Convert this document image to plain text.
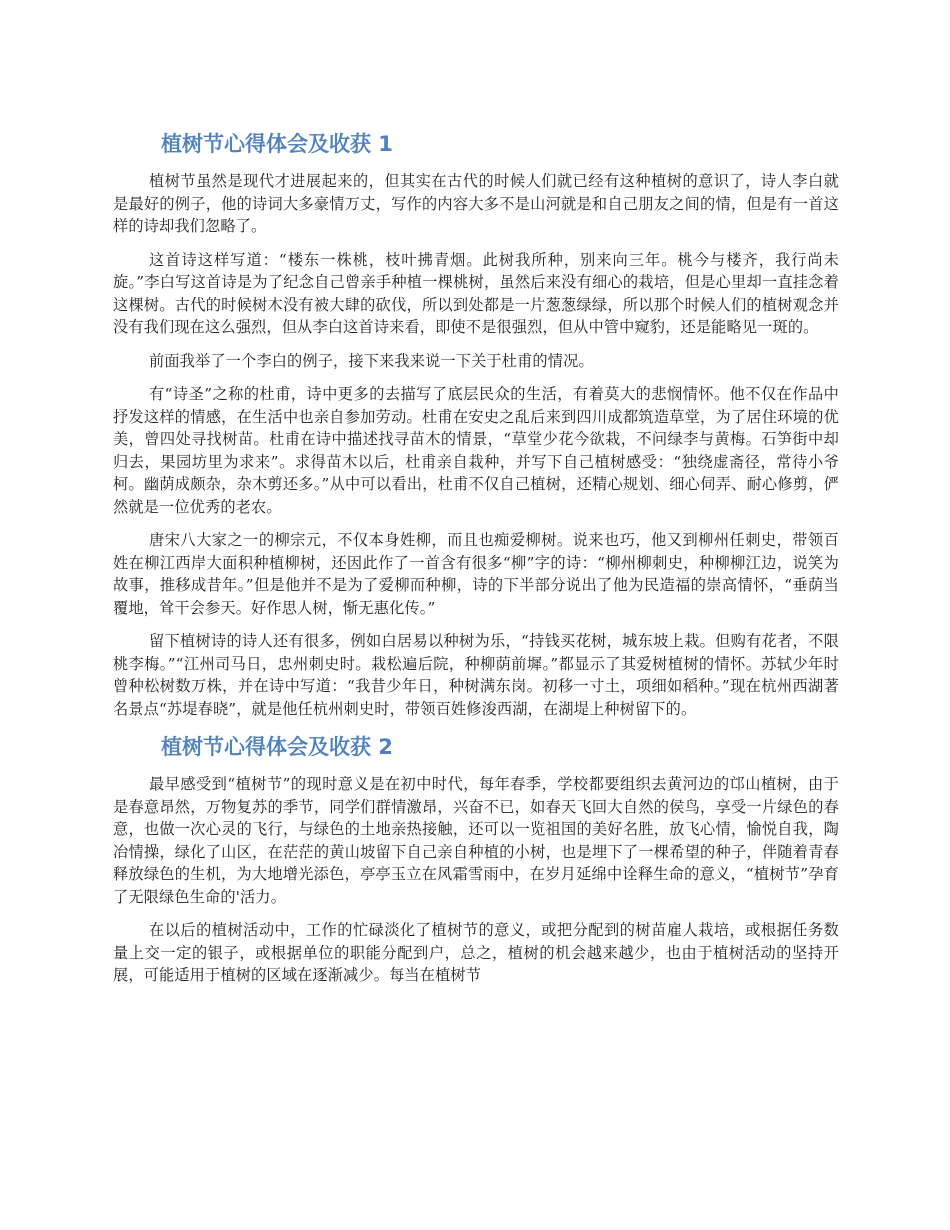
植树节心得体会及收获 1

植树节虽然是现代才进展起来的，但其实在古代的时候人们就已经有这种植树的意识了，诗人李白就是最好的例子，他的诗词大多豪情万丈，写作的内容大多不是山河就是和自己朋友之间的情，但是有一首这样的诗却我们忽略了。

这首诗这样写道：“楼东一株桃，枝叶拂青烟。此树我所种，别来向三年。桃今与楼齐，我行尚未旋。”李白写这首诗是为了纪念自己曾亲手种植一棵桃树，虽然后来没有细心的栽培，但是心里却一直挂念着这棵树。古代的时候树木没有被大肆的砍伐，所以到处都是一片葱葱绿绿，所以那个时候人们的植树观念并没有我们现在这么强烈，但从李白这首诗来看，即使不是很强烈，但从中管中窥豹，还是能略见一斑的。

前面我举了一个李白的例子，接下来我来说一下关于杜甫的情况。

有“诗圣”之称的杜甫，诗中更多的去描写了底层民众的生活，有着莫大的悲悯情怀。他不仅在作品中抒发这样的情感，在生活中也亲自参加劳动。杜甫在安史之乱后来到四川成都筑造草堂，为了居住环境的优美，曾四处寻找树苗。杜甫在诗中描述找寻苗木的情景，“草堂少花今欲栽，不问绿李与黄梅。石笋街中却归去，果园坊里为求来”。求得苗木以后，杜甫亲自栽种，并写下自己植树感受：“独绕虚斋径，常待小爷柯。幽荫成颇杂，杂木剪还多。”从中可以看出，杜甫不仅自己植树，还精心规划、细心伺弄、耐心修剪，俨然就是一位优秀的老农。

唐宋八大家之一的柳宗元，不仅本身姓柳，而且也痴爱柳树。说来也巧，他又到柳州任刺史，带领百姓在柳江西岸大面积种植柳树，还因此作了一首含有很多“柳”字的诗：“柳州柳刺史，种柳柳江边，说笑为故事，推移成昔年。”但是他并不是为了爱柳而种柳，诗的下半部分说出了他为民造福的崇高情怀，“垂荫当覆地，耸干会参天。好作思人树，惭无惠化传。”

留下植树诗的诗人还有很多，例如白居易以种树为乐，“持钱买花树，城东坡上栽。但购有花者，不限桃李梅。”“江州司马日，忠州刺史时。栽松遍后院，种柳荫前墀。”都显示了其爱树植树的情怀。苏轼少年时曾种松树数万株，并在诗中写道：“我昔少年日，种树满东岗。初移一寸土，项细如稻种。”现在杭州西湖著名景点“苏堤春晓”，就是他任杭州刺史时，带领百姓修浚西湖，在湖堤上种树留下的。

植树节心得体会及收获 2

最早感受到“植树节”的现时意义是在初中时代，每年春季，学校都要组织去黄河边的邙山植树，由于是春意昂然，万物复苏的季节，同学们群情激昂，兴奋不已，如春天飞回大自然的侯鸟，享受一片绿色的春意，也做一次心灵的飞行，与绿色的土地亲热接触，还可以一览祖国的美好名胜，放飞心情，愉悦自我，陶冶情操，绿化了山区，在茫茫的黄山坡留下自己亲自种植的小树，也是埋下了一棵希望的种子，伴随着青春释放绿色的生机，为大地增光添色，亭亭玉立在风霜雪雨中，在岁月延绵中诠释生命的意义，“植树节”孕育了无限绿色生命的'活力。

在以后的植树活动中，工作的忙碌淡化了植树节的意义，或把分配到的树苗雇人栽培，或根据任务数量上交一定的银子，或根据单位的职能分配到户，总之，植树的机会越来越少，也由于植树活动的坚持开展，可能适用于植树的区域在逐渐减少。每当在植树节
